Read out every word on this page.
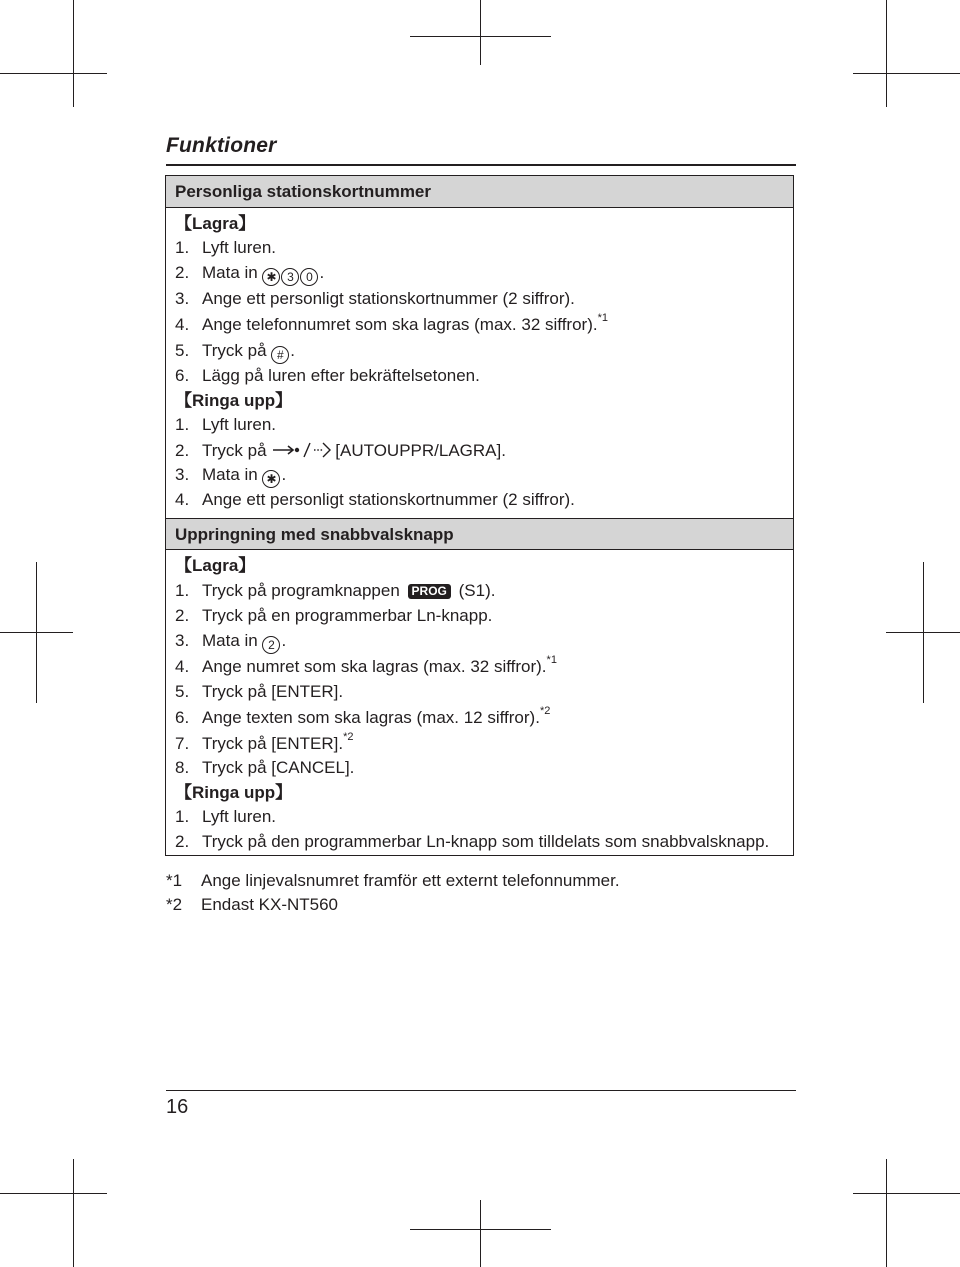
Funktioner
Personliga stationskortnummer
Uppringning med snabbvalsknapp
【Lagra】
1. Lyft luren.
2. Mata in ✱ 3 0 .
3. Ange ett personligt stationskortnummer (2 siffror).
4. Ange telefonnumret som ska lagras (max. 32 siffror).$^{*1}$
5. Tryck på # .
6. Lägg på luren efter bekräftelsetonen.
【Ringa upp】
1. Lyft luren.
2. Tryck på	[AUTOUPPR/LAGRA].
3. Mata in ✱ .
4. Ange ett personligt stationskortnummer (2 siffror).
【Lagra】
1. Tryck på programknappen PROG (S1).
2. Tryck på en programmerbar Ln-knapp.
3. Mata in 2 .
4. Ange numret som ska lagras (max. 32 siffror).$^{*1}$
5. Tryck på [ENTER].
6. Ange texten som ska lagras (max. 12 siffror).$^{*2}$
7. Tryck på [ENTER].$^{*2}$
8. Tryck på [CANCEL].
【Ringa upp】
1. Lyft luren.
2. Tryck på den programmerbar Ln-knapp som tilldelats som snabbvalsknapp.
*1 Ange linjevalsnumret framför ett externt telefonnummer.
*2 Endast KX-NT560
16
